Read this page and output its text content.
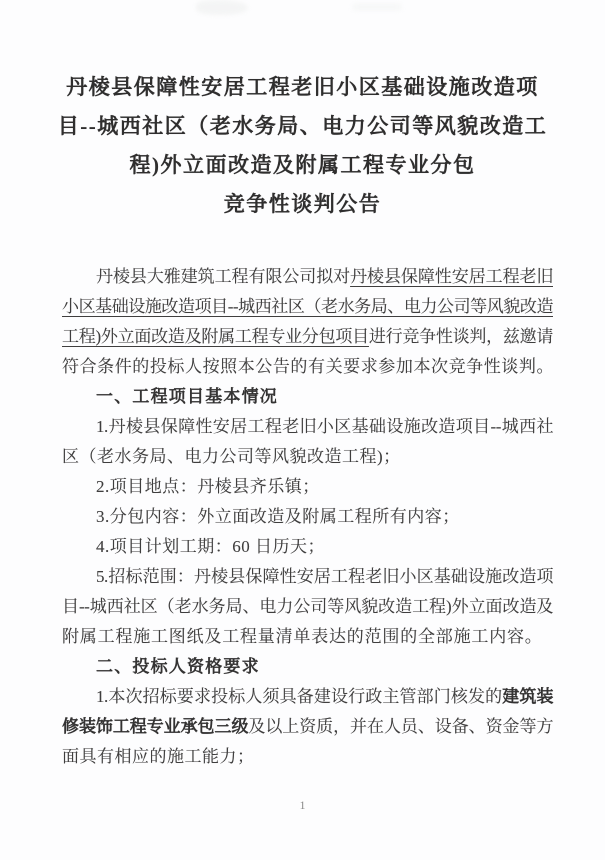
丹棱县保障性安居工程老旧小区基础设施改造项
目--城西社区（老水务局、电力公司等风貌改造工
程)外立面改造及附属工程专业分包
竞争性谈判公告
丹棱县大雅建筑工程有限公司拟对丹棱县保障性安居工程老旧
小区基础设施改造项目--城西社区（老水务局、电力公司等风貌改造
工程)外立面改造及附属工程专业分包项目进行竞争性谈判，兹邀请
符合条件的投标人按照本公告的有关要求参加本次竞争性谈判。
一、工程项目基本情况
1.丹棱县保障性安居工程老旧小区基础设施改造项目--城西社
区（老水务局、电力公司等风貌改造工程)；
2.项目地点：丹棱县齐乐镇；
3.分包内容：外立面改造及附属工程所有内容；
4.项目计划工期：60 日历天；
5.招标范围：丹棱县保障性安居工程老旧小区基础设施改造项
目--城西社区（老水务局、电力公司等风貌改造工程)外立面改造及
附属工程施工图纸及工程量清单表达的范围的全部施工内容。
二、投标人资格要求
1.本次招标要求投标人须具备建设行政主管部门核发的建筑装
修装饰工程专业承包三级及以上资质，并在人员、设备、资金等方
面具有相应的施工能力；
1
